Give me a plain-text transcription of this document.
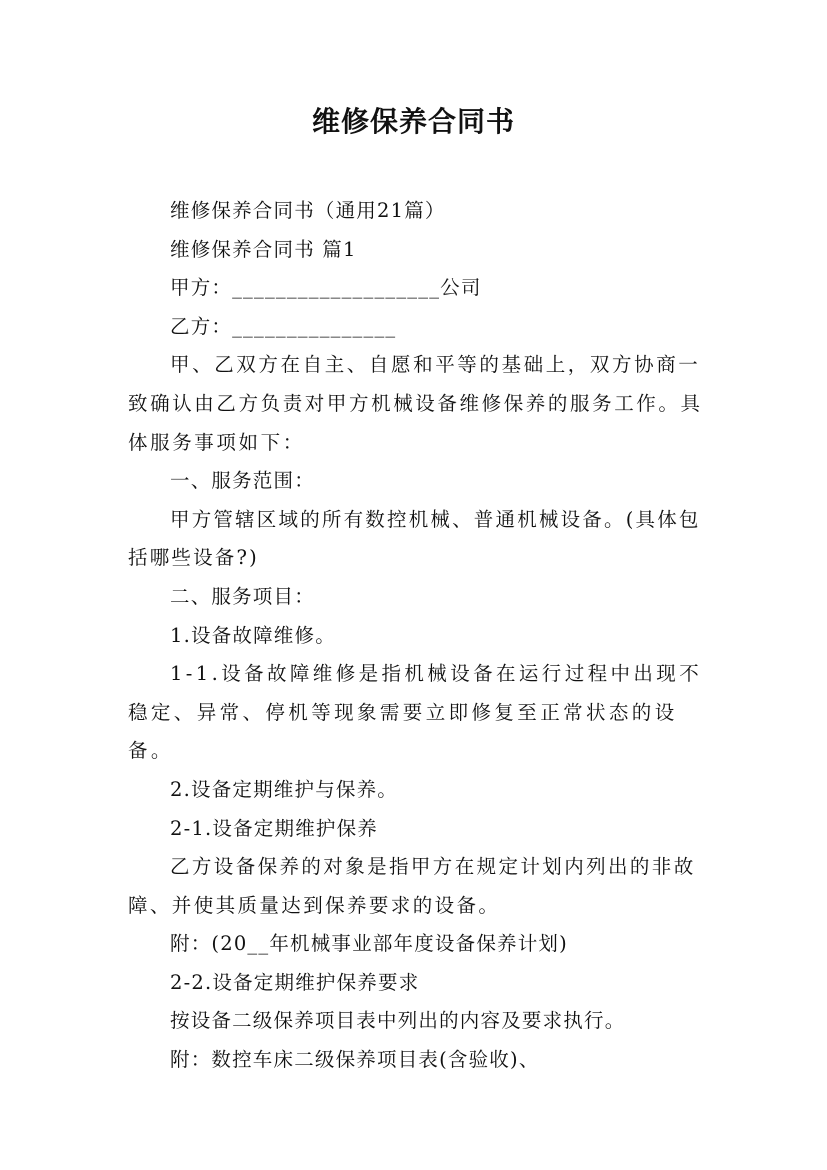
维修保养合同书

维修保养合同书（通用21篇）

维修保养合同书 篇1

甲方：___________________公司

乙方：_______________

甲、乙双方在自主、自愿和平等的基础上，双方协商一致确认由乙方负责对甲方机械设备维修保养的服务工作。具体服务事项如下：

一、服务范围：

甲方管辖区域的所有数控机械、普通机械设备。(具体包括哪些设备?)

二、服务项目：

1.设备故障维修。

1-1.设备故障维修是指机械设备在运行过程中出现不稳定、异常、停机等现象需要立即修复至正常状态的设备。

2.设备定期维护与保养。

2-1.设备定期维护保养

乙方设备保养的对象是指甲方在规定计划内列出的非故障、并使其质量达到保养要求的设备。

附：(20__年机械事业部年度设备保养计划)

2-2.设备定期维护保养要求

按设备二级保养项目表中列出的内容及要求执行。

附：数控车床二级保养项目表(含验收)、
